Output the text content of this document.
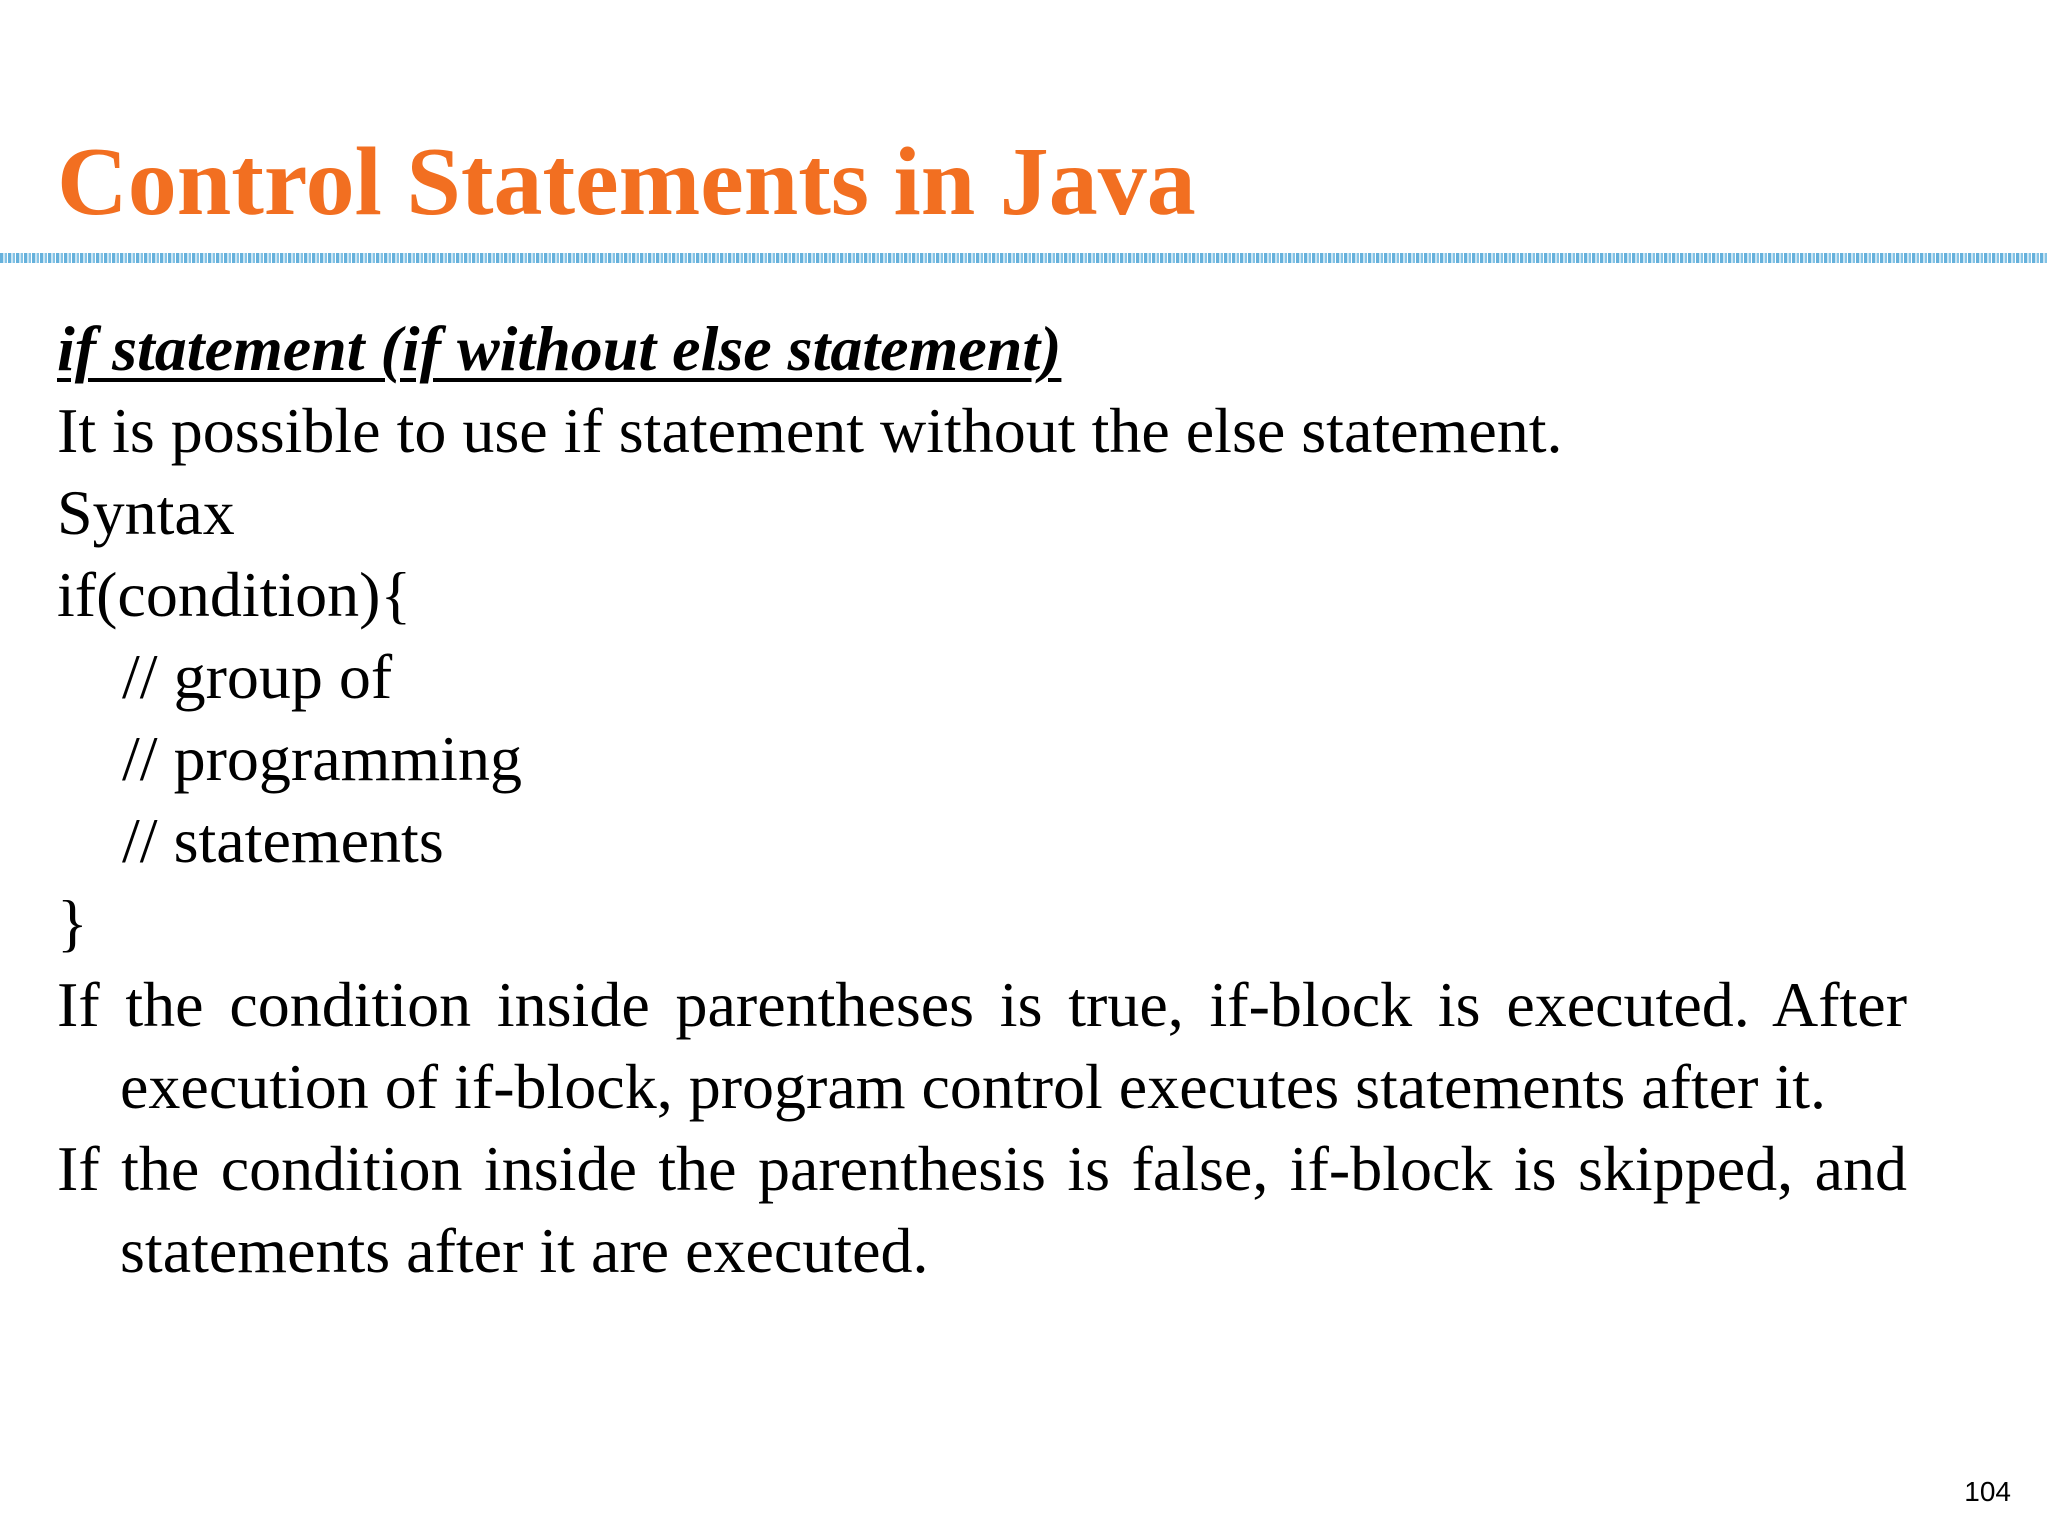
Control Statements in Java
if statement (if without else statement)
It is possible to use if statement without the else statement.
Syntax
if(condition){
// group of
// programming
// statements
}
If the condition inside parentheses is true, if-block is executed. After execution of if-block, program control executes statements after it.
If the condition inside the parenthesis is false, if-block is skipped, and statements after it are executed.
104
